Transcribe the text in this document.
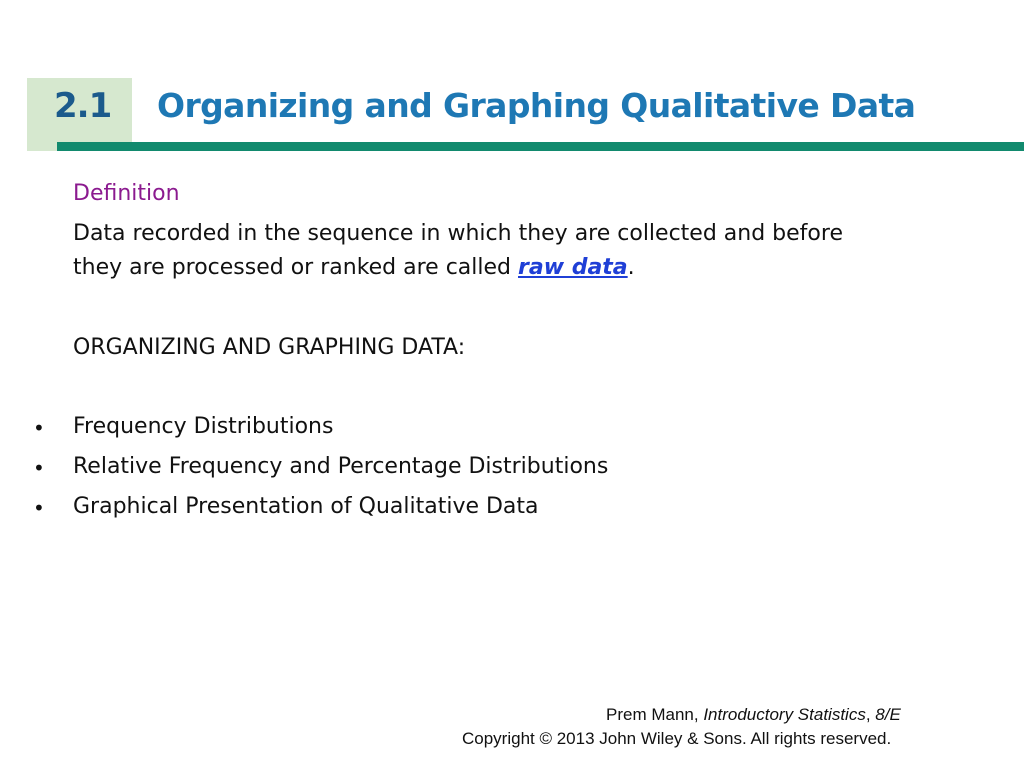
2.1 Organizing and Graphing Qualitative Data
Definition
Data recorded in the sequence in which they are collected and before
they are processed or ranked are called raw data.
ORGANIZING AND GRAPHING DATA:
• Frequency Distributions
• Relative Frequency and Percentage Distributions
• Graphical Presentation of Qualitative Data
Prem Mann, Introductory Statistics, 8/E
Copyright © 2013 John Wiley & Sons. All rights reserved.
